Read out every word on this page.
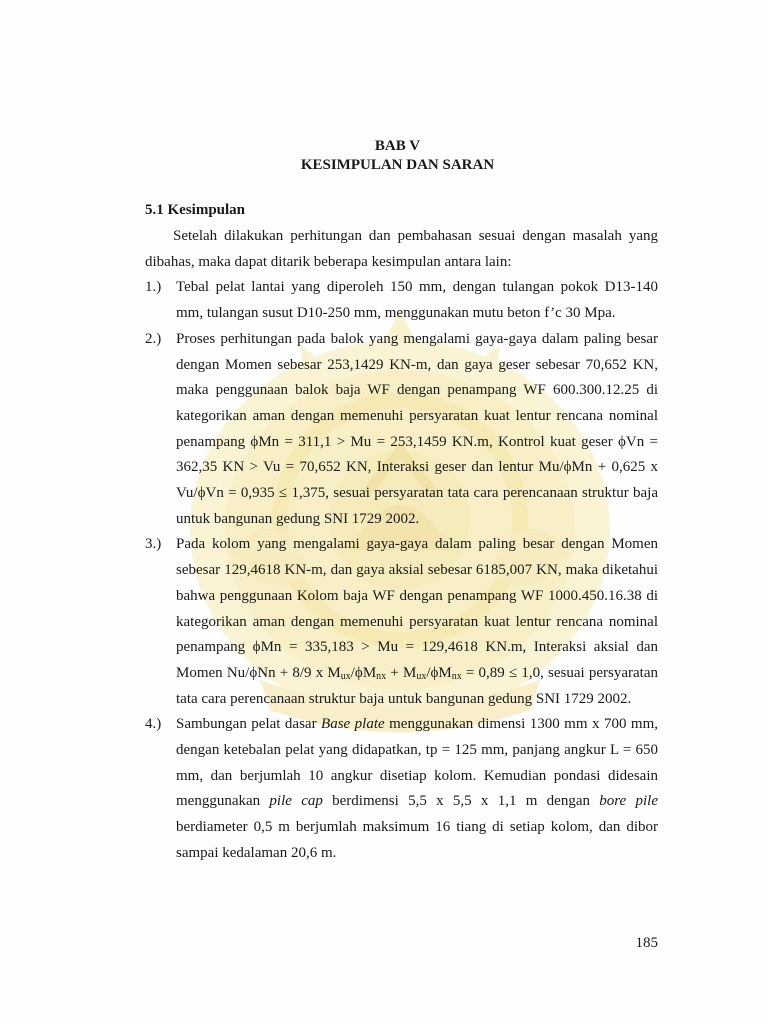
BAB V
KESIMPULAN DAN SARAN
5.1 Kesimpulan
Setelah dilakukan perhitungan dan pembahasan sesuai dengan masalah yang dibahas, maka dapat ditarik beberapa kesimpulan antara lain:
1.) Tebal pelat lantai yang diperoleh 150 mm, dengan tulangan pokok D13-140 mm, tulangan susut D10-250 mm, menggunakan mutu beton f’c 30 Mpa.
2.) Proses perhitungan pada balok yang mengalami gaya-gaya dalam paling besar dengan Momen sebesar 253,1429 KN-m, dan gaya geser sebesar 70,652 KN, maka penggunaan balok baja WF dengan penampang WF 600.300.12.25 di kategorikan aman dengan memenuhi persyaratan kuat lentur rencana nominal penampang ϕMn = 311,1 > Mu = 253,1459 KN.m, Kontrol kuat geser ϕVn = 362,35 KN > Vu = 70,652 KN, Interaksi geser dan lentur Mu/ϕMn + 0,625 x Vu/ϕVn = 0,935 ≤ 1,375, sesuai persyaratan tata cara perencanaan struktur baja untuk bangunan gedung SNI 1729 2002.
3.) Pada kolom yang mengalami gaya-gaya dalam paling besar dengan Momen sebesar 129,4618 KN-m, dan gaya aksial sebesar 6185,007 KN, maka diketahui bahwa penggunaan Kolom baja WF dengan penampang WF 1000.450.16.38 di kategorikan aman dengan memenuhi persyaratan kuat lentur rencana nominal penampang ϕMn = 335,183 > Mu = 129,4618 KN.m, Interaksi aksial dan Momen Nu/ϕNn + 8/9 x $M_{ux}/\phi M_{nx} + M_{ux}/\phi M_{nx} = 0,89 \le 1,0$, sesuai persyaratan tata cara perencanaan struktur baja untuk bangunan gedung SNI 1729 2002.
4.) Sambungan pelat dasar Base plate menggunakan dimensi 1300 mm x 700 mm, dengan ketebalan pelat yang didapatkan, tp = 125 mm, panjang angkur L = 650 mm, dan berjumlah 10 angkur disetiap kolom. Kemudian pondasi didesain menggunakan pile cap berdimensi 5,5 x 5,5 x 1,1 m dengan bore pile berdiameter 0,5 m berjumlah maksimum 16 tiang di setiap kolom, dan dibor sampai kedalaman 20,6 m.
185
